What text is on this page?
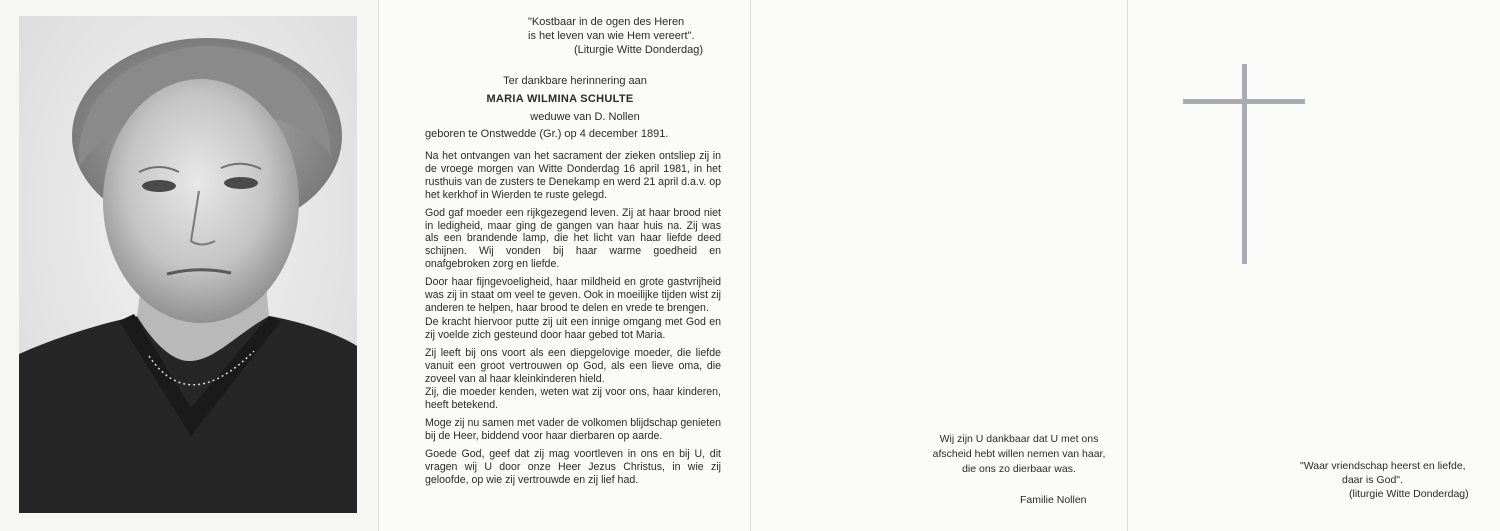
"Kostbaar in de ogen des Heren
is het leven van wie Hem vereert".
(Liturgie Witte Donderdag)
Ter dankbare herinnering aan
MARIA WILMINA SCHULTE
weduwe van D. Nollen
geboren te Onstwedde (Gr.) op 4 december 1891.

Na het ontvangen van het sacrament der zieken ontsliep zij in de vroege morgen van Witte Donderdag 16 april 1981, in het rusthuis van de zusters te Denekamp en werd 21 april d.a.v. op het kerkhof in Wierden te ruste gelegd.

God gaf moeder een rijkgezegend leven. Zij at haar brood niet in ledigheid, maar ging de gangen van haar huis na. Zij was als een brandende lamp, die het licht van haar liefde deed schijnen. Wij vonden bij haar warme goedheid en onafgebroken zorg en liefde.

Door haar fijngevoeligheid, haar mildheid en grote gastvrijheid was zij in staat om veel te geven. Ook in moeilijke tijden wist zij anderen te helpen, haar brood te delen en vrede te brengen.

De kracht hiervoor putte zij uit een innige omgang met God en zij voelde zich gesteund door haar gebed tot Maria.

Zij leeft bij ons voort als een diepgelovige moeder, die liefde vanuit een groot vertrouwen op God, als een lieve oma, die zoveel van al haar kleinkinderen hield.

Zij, die moeder kenden, weten wat zij voor ons, haar kinderen, heeft betekend.

Moge zij nu samen met vader de volkomen blijdschap genieten bij de Heer, biddend voor haar dierbaren op aarde.

Goede God, geef dat zij mag voortleven in ons en bij U, dit vragen wij U door onze Heer Jezus Christus, in wie zij geloofde, op wie zij vertrouwde en zij lief had.

Wij zijn U dankbaar dat U met ons
afscheid hebt willen nemen van haar,
die ons zo dierbaar was.
Familie Nollen
"Waar vriendschap heerst en liefde,
daar is God".
(liturgie Witte Donderdag)
